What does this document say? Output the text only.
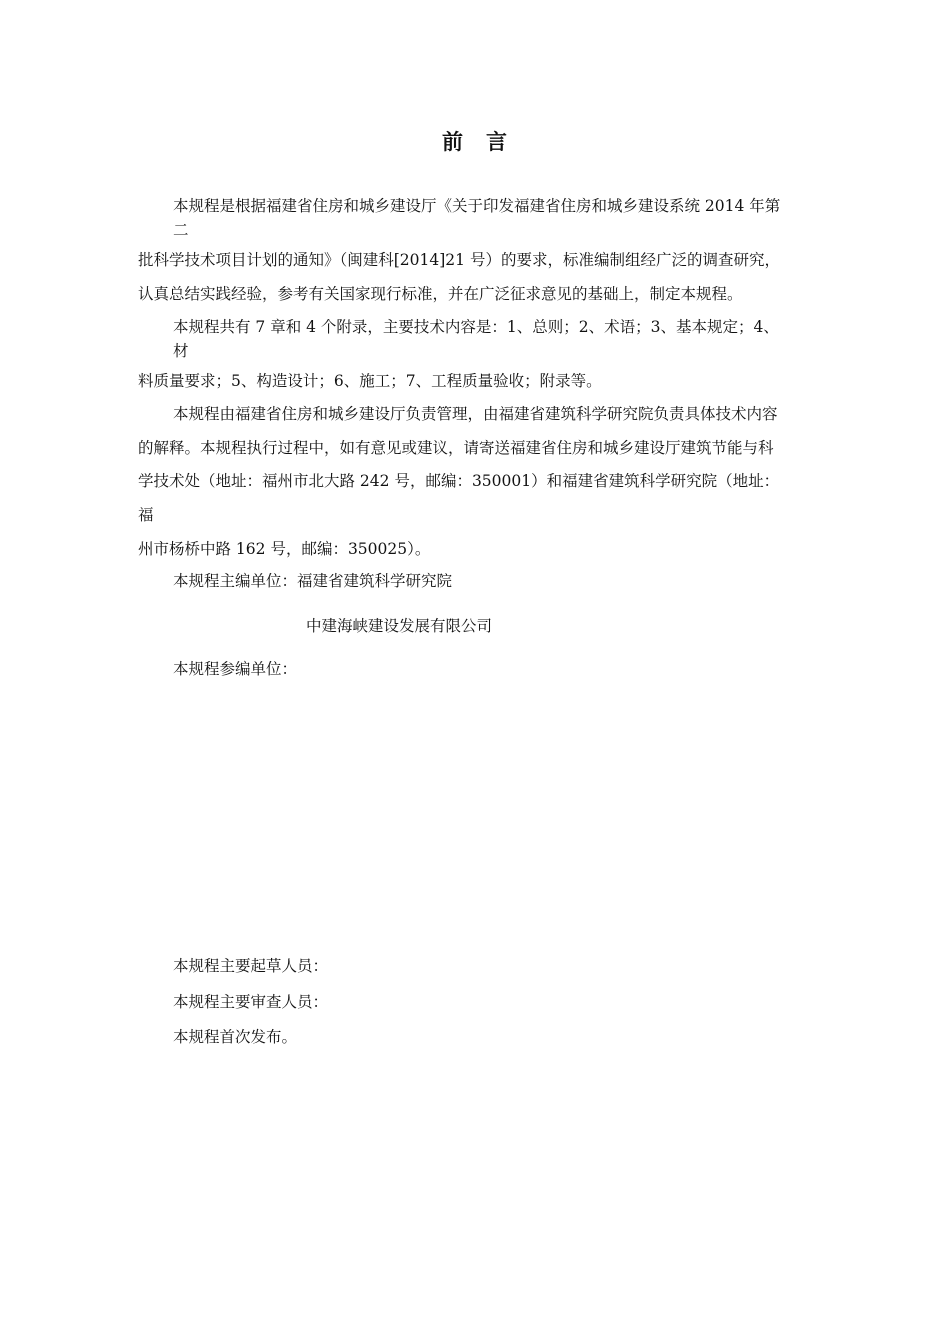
前　言
本规程是根据福建省住房和城乡建设厅《关于印发福建省住房和城乡建设系统 2014 年第
二
批科学技术项目计划的通知》（闽建科[2014]21 号）的要求，标准编制组经广泛的调查研究，
认真总结实践经验，参考有关国家现行标准，并在广泛征求意见的基础上，制定本规程。
本规程共有 7 章和 4 个附录，主要技术内容是：1、总则；2、术语；3、基本规定；4、
材
料质量要求；5、构造设计；6、施工；7、工程质量验收；附录等。
本规程由福建省住房和城乡建设厅负责管理，由福建省建筑科学研究院负责具体技术内容
的解释。本规程执行过程中，如有意见或建议，请寄送福建省住房和城乡建设厅建筑节能与科
学技术处（地址：福州市北大路 242 号，邮编：350001）和福建省建筑科学研究院（地址：
福
州市杨桥中路 162 号，邮编：350025）。
本规程主编单位：福建省建筑科学研究院
中建海峡建设发展有限公司
本规程参编单位：
本规程主要起草人员：
本规程主要审查人员：
本规程首次发布。
